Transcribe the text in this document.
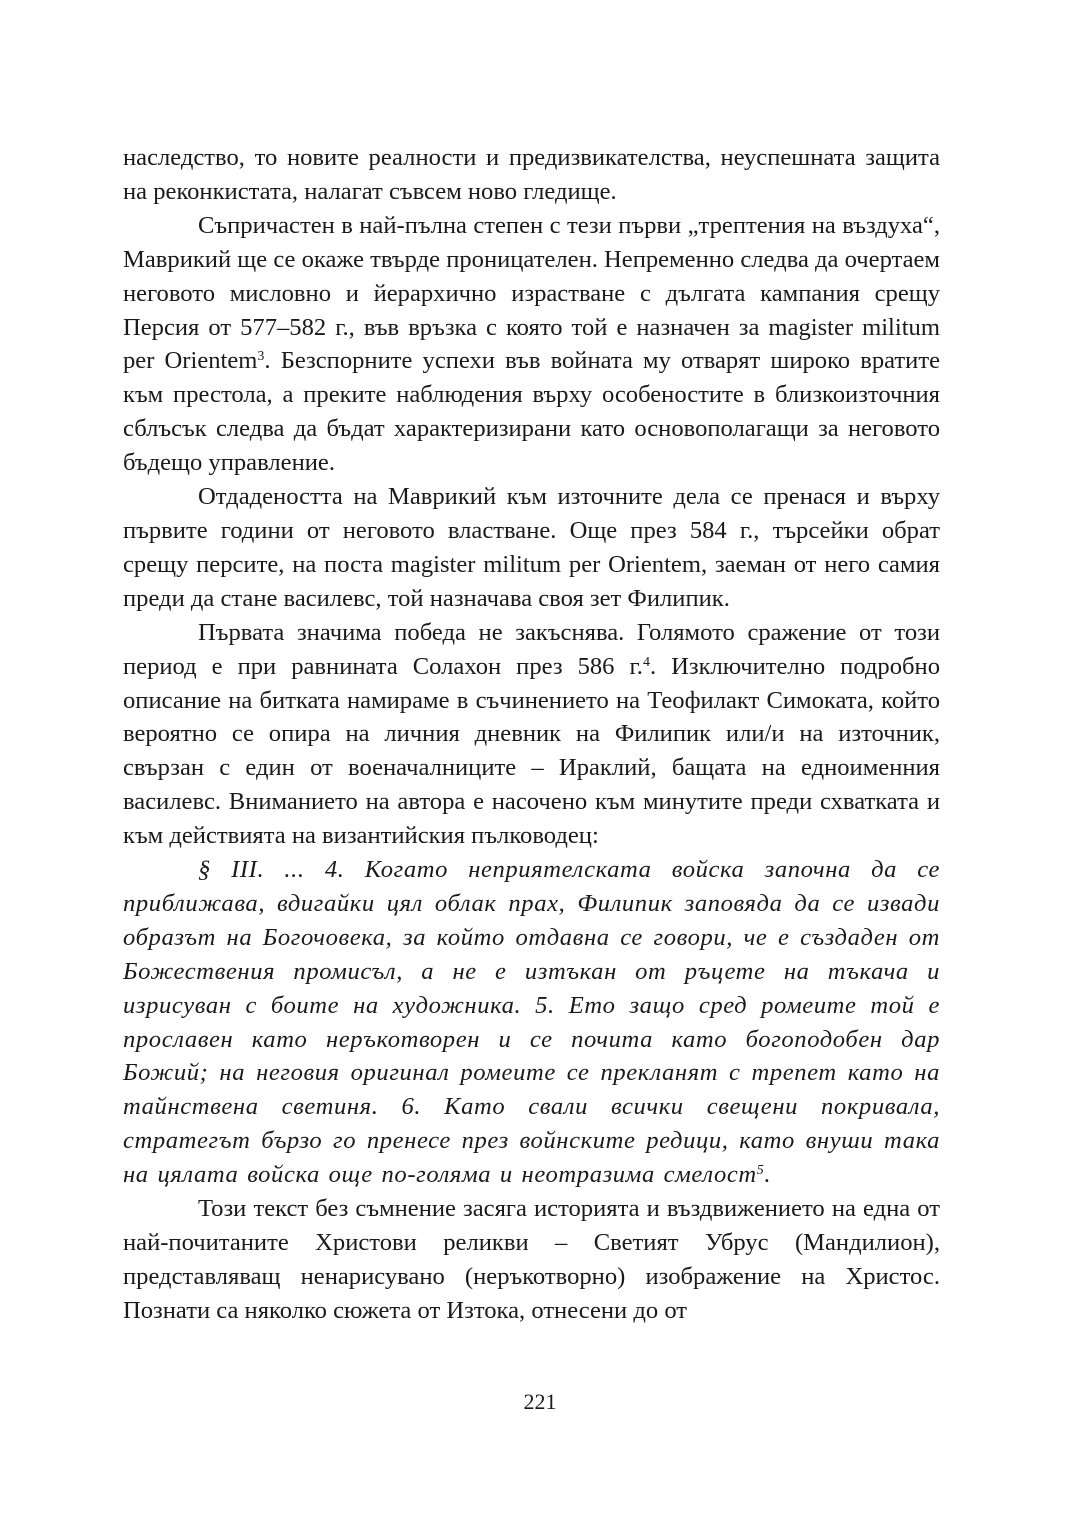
наследство, то новите реалности и предизвикателства, неуспешната защита на реконкистата, налагат съвсем ново гледище.

Съпричастен в най-пълна степен с тези първи „трептения на въздуха“, Маврикий ще се окаже твърде проницателен. Непременно следва да очертаем неговото мисловно и йерархично израстване с дългата кампания срещу Персия от 577–582 г., във връзка с която той е назначен за magister militum per Orientem$^3$. Безспорните успехи във войната му отварят широко вратите към престола, а преките наблюдения върху особеностите в близкоизточния сблъсък следва да бъдат характеризирани като основополагащи за неговото бъдещо управление.

Отдадеността на Маврикий към източните дела се пренася и върху първите години от неговото властване. Още през 584 г., търсейки обрат срещу персите, на поста magister militum per Orientem, заеман от него самия преди да стане василевс, той назначава своя зет Филипик.

Първата значима победа не закъснява. Голямото сражение от този период е при равнината Солахон през 586 г.$^4$. Изключително подробно описание на битката намираме в съчинението на Теофилакт Симоката, който вероятно се опира на личния дневник на Филипик или/и на източник, свързан с един от военачалниците – Ираклий, бащата на едноименния василевс. Вниманието на автора е насочено към минутите преди схватката и към действията на византийския пълководец:

§ III. ... 4. Когато неприятелската войска започна да се приближава, вдигайки цял облак прах, Филипик заповяда да се извади образът на Богочовека, за който отдавна се говори, че е създаден от Божествения промисъл, а не е изтъкан от ръцете на тъкача и изрисуван с боите на художника. 5. Ето защо сред ромеите той е прославен като неръкотворен и се почита като богоподобен дар Божий; на неговия оригинал ромеите се прекланят с трепет като на тайнствена светиня. 6. Като свали всички свещени покривала, стратегът бързо го пренесе през войнските редици, като внуши така на цялата войска още по-голяма и неотразима смелост$^5$.

Този текст без съмнение засяга историята и въздвижението на една от най-почитаните Христови реликви – Светият Убрус (Мандилион), представляващ ненарисувано (неръкотворно) изображение на Христос. Познати са няколко сюжета от Изтока, отнесени до от

221
